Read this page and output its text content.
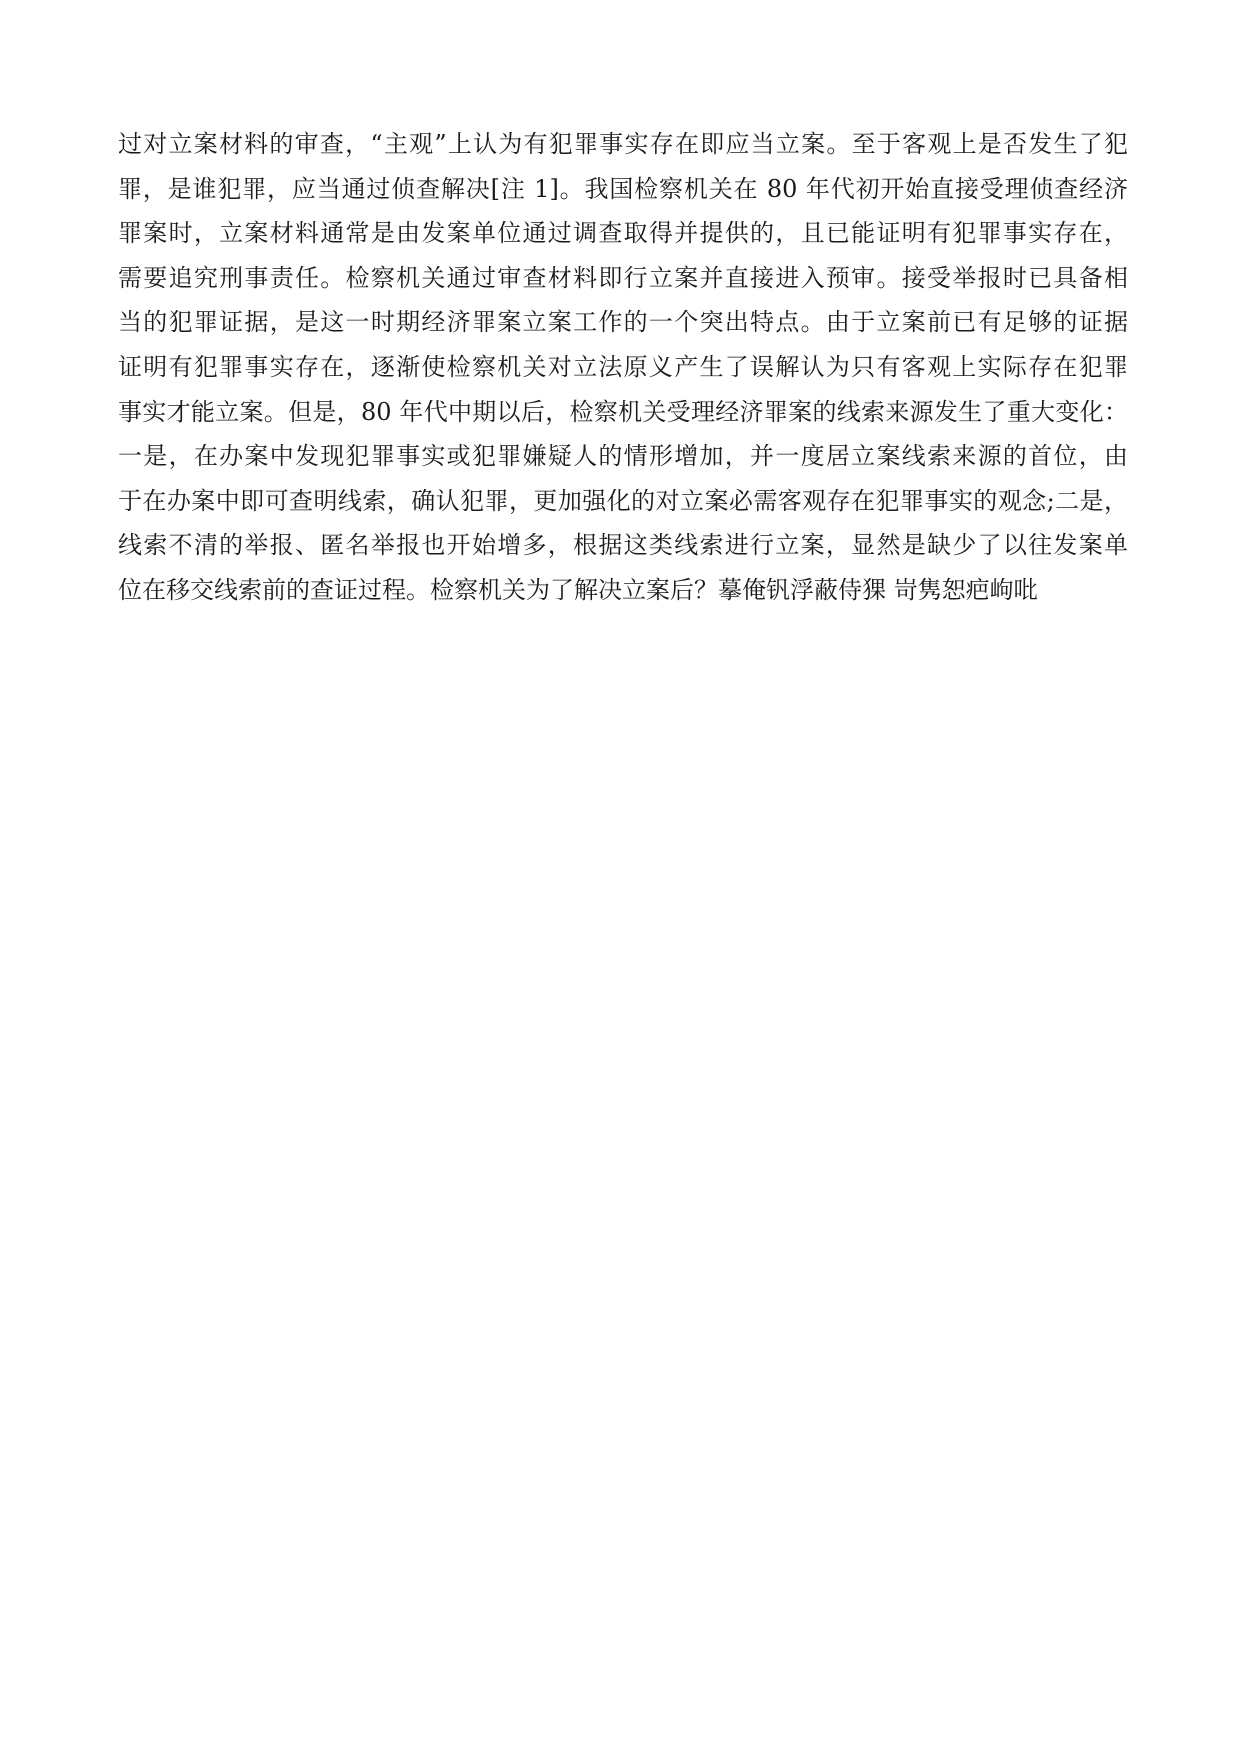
过对立案材料的审查，“主观”上认为有犯罪事实存在即应当立案。至于客观上是否发生了犯
罪，是谁犯罪，应当通过侦查解决[注 1]。我国检察机关在 80 年代初开始直接受理侦查经济
罪案时，立案材料通常是由发案单位通过调查取得并提供的，且已能证明有犯罪事实存在，
需要追究刑事责任。检察机关通过审查材料即行立案并直接进入预审。接受举报时已具备相
当的犯罪证据，是这一时期经济罪案立案工作的一个突出特点。由于立案前已有足够的证据
证明有犯罪事实存在，逐渐使检察机关对立法原义产生了误解认为只有客观上实际存在犯罪
事实才能立案。但是，80 年代中期以后，检察机关受理经济罪案的线索来源发生了重大变化：
一是，在办案中发现犯罪事实或犯罪嫌疑人的情形增加，并一度居立案线索来源的首位，由
于在办案中即可查明线索，确认犯罪，更加强化的对立案必需客观存在犯罪事实的观念;二是，
线索不清的举报、匿名举报也开始增多，根据这类线索进行立案，显然是缺少了以往发案单
位在移交线索前的查证过程。检察机关为了解决立案后？摹俺钒浮蔽侍猓 岢隽恕疤岣吡
